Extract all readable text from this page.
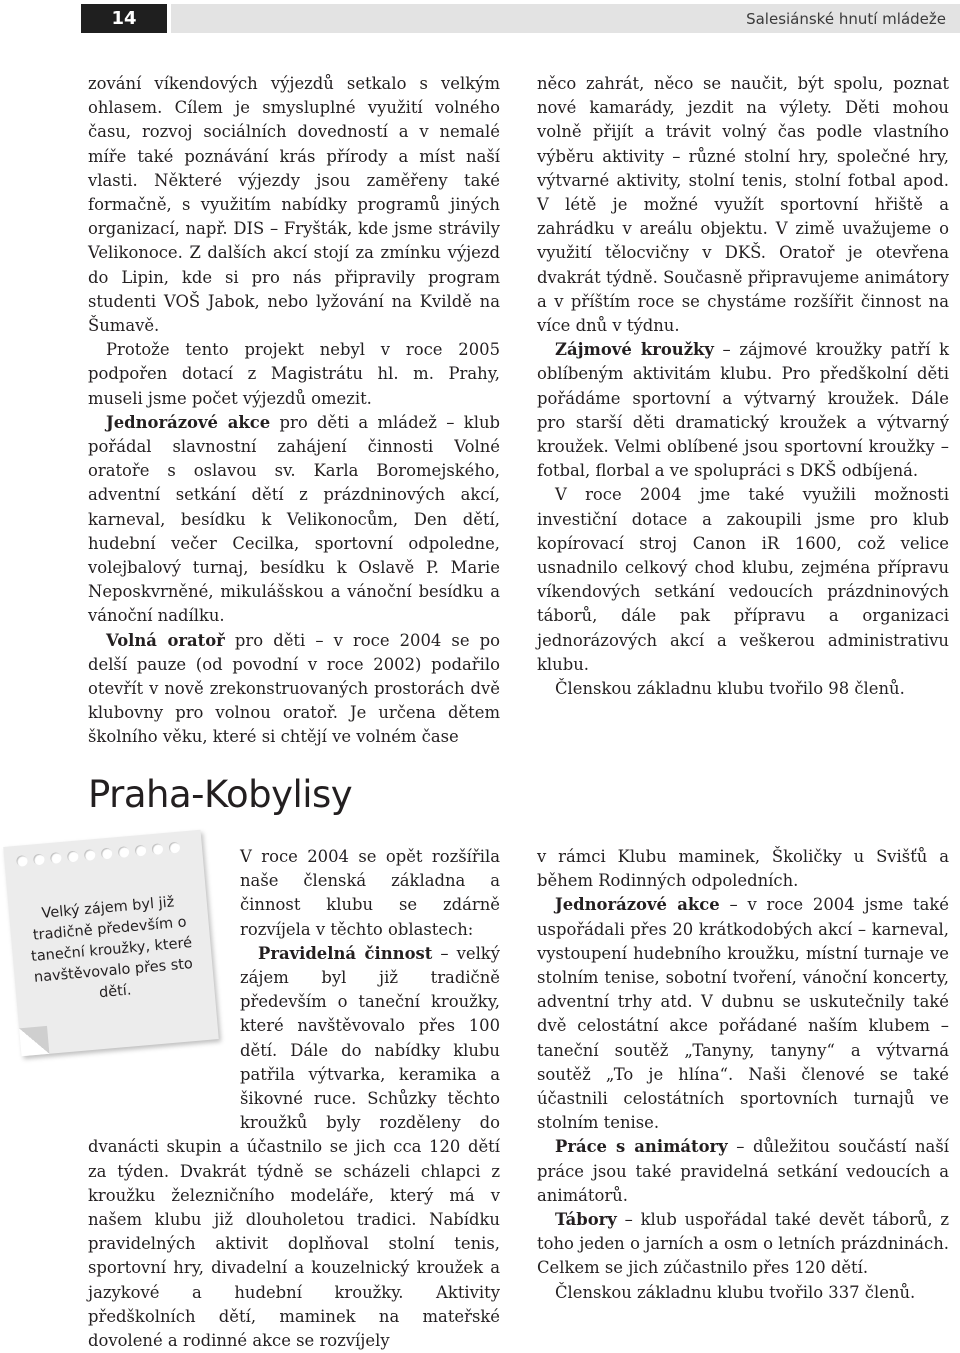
14	Salesiánské hnutí mládeže

zování víkendových výjezdů setkalo s velkým ohlasem. Cílem je smysluplné využití volného času, rozvoj sociálních dovedností a v nemalé míře také poznávání krás přírody a míst naší vlasti. Některé výjezdy jsou zaměřeny také formačně, s využitím nabídky programů jiných organizací, např. DIS – Fryšták, kde jsme strávily Velikonoce. Z dalších akcí stojí za zmínku výjezd do Lipin, kde si pro nás připravily program studenti VOŠ Jabok, nebo lyžování na Kvildě na Šumavě.

Protože tento projekt nebyl v roce 2005 podpořen dotací z Magistrátu hl. m. Prahy, museli jsme počet výjezdů omezit.

Jednorázové akce pro děti a mládež – klub pořádal slavnostní zahájení činnosti Volné oratoře s oslavou sv. Karla Boromejského, adventní setkání dětí z prázdninových akcí, karneval, besídku k Velikonocům, Den dětí, hudební večer Cecilka, sportovní odpoledne, volejbalový turnaj, besídku k Oslavě P. Marie Neposkvrněné, mikulášskou a vánoční besídku a vánoční nadílku.

Volná oratoř pro děti – v roce 2004 se po delší pauze (od povodní v roce 2002) podařilo otevřít v nově zrekonstruovaných prostorách dvě klubovny pro volnou oratoř. Je určena dětem školního věku, které si chtějí ve volném čase

něco zahrát, něco se naučit, být spolu, poznat nové kamarády, jezdit na výlety. Děti mohou volně přijít a trávit volný čas podle vlastního výběru aktivity – různé stolní hry, společné hry, výtvarné aktivity, stolní tenis, stolní fotbal apod. V létě je možné využít sportovní hřiště a zahrádku v areálu objektu. V zimě uvažujeme o využití tělocvičny v DKŠ. Oratoř je otevřena dvakrát týdně. Současně připravujeme animátory a v příštím roce se chystáme rozšířit činnost na více dnů v týdnu.

Zájmové kroužky – zájmové kroužky patří k oblíbeným aktivitám klubu. Pro předškolní děti pořádáme sportovní a výtvarný kroužek. Dále pro starší děti dramatický kroužek a výtvarný kroužek. Velmi oblíbené jsou sportovní kroužky – fotbal, florbal a ve spolupráci s DKŠ odbíjená.

V roce 2004 jme také využili možnosti investiční dotace a zakoupili jsme pro klub kopírovací stroj Canon iR 1600, což velice usnadnilo celkový chod klubu, zejména přípravu víkendových setkání vedoucích prázdninových táborů, dále pak přípravu a organizaci jednorázových akcí a veškerou administrativu klubu.

Členskou základnu klubu tvořilo 98 členů.

Praha-Kobylisy
Velký zájem byl již tradičně především o taneční kroužky, které navštěvovalo přes sto dětí.

V roce 2004 se opět rozšířila naše členská základna a činnost klubu se zdárně rozvíjela v těchto oblastech:

Pravidelná činnost – velký zájem byl již tradičně především o taneční kroužky, které navštěvovalo přes 100 dětí. Dále do nabídky klubu patřila výtvarka, keramika a šikovné ruce. Schůzky těchto kroužků byly rozděleny do dvanácti skupin a účastnilo se jich cca 120 dětí za týden. Dvakrát týdně se scházeli chlapci z kroužku železničního modeláře, který má v našem klubu již dlouholetou tradici. Nabídku pravidelných aktivit doplňoval stolní tenis, sportovní hry, divadelní a kouzelnický kroužek a jazykové a hudební kroužky. Aktivity předškolních dětí, maminek na mateřské dovolené a rodinné akce se rozvíjely

v rámci Klubu maminek, Školičky u Svišťů a během Rodinných odpoledních.

Jednorázové akce – v roce 2004 jsme také uspořádali přes 20 krátkodobých akcí – karneval, vystoupení hudebního kroužku, místní turnaje ve stolním tenise, sobotní tvoření, vánoční koncerty, adventní trhy atd. V dubnu se uskutečnily také dvě celostátní akce pořádané naším klubem – taneční soutěž „Tanyny, tanyny“ a výtvarná soutěž „To je hlína“. Naši členové se také účastnili celostátních sportovních turnajů ve stolním tenise.

Práce s animátory – důležitou součástí naší práce jsou také pravidelná setkání vedoucích a animátorů.

Tábory – klub uspořádal také devět táborů, z toho jeden o jarních a osm o letních prázdninách. Celkem se jich zúčastnilo přes 120 dětí.

Členskou základnu klubu tvořilo 337 členů.
